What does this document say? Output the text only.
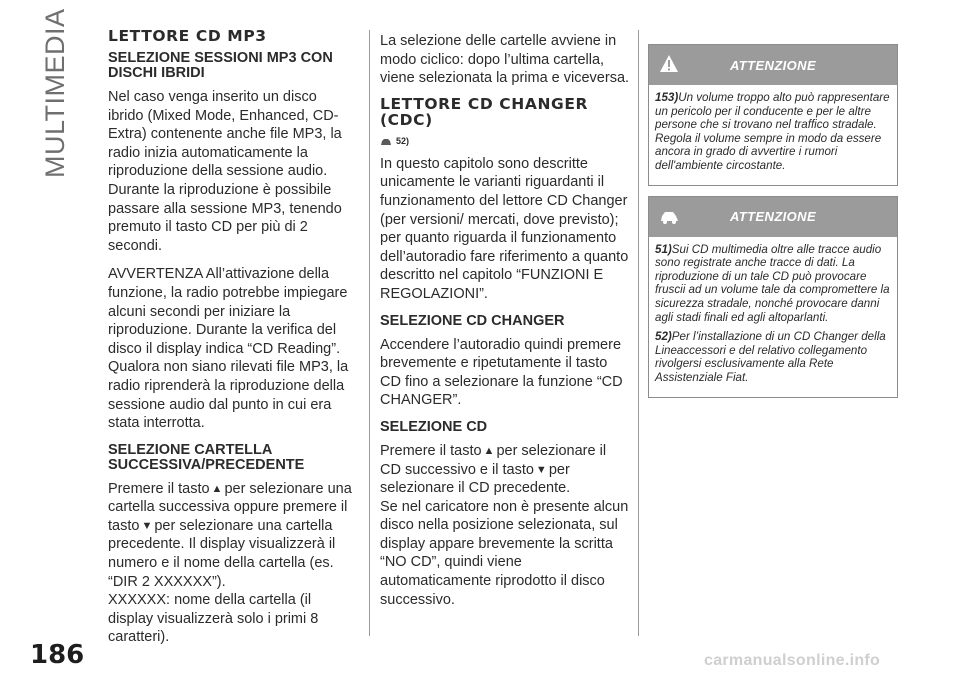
MULTIMEDIA LETTORE CD MP3
SELEZIONE SESSIONI MP3 CON DISCHI IBRIDI

Nel caso venga inserito un disco ibrido (Mixed Mode, Enhanced, CD-Extra) contenente anche file MP3, la radio inizia automaticamente la riproduzione della sessione audio. Durante la riproduzione è possibile passare alla sessione MP3, tenendo premuto il tasto CD per più di 2 secondi.

AVVERTENZA All’attivazione della funzione, la radio potrebbe impiegare alcuni secondi per iniziare la riproduzione. Durante la verifica del disco il display indica “CD Reading”. Qualora non siano rilevati file MP3, la radio riprenderà la riproduzione della sessione audio dal punto in cui era stata interrotta.

SELEZIONE CARTELLA SUCCESSIVA/PRECEDENTE

Premere il tasto ▲ per selezionare una cartella successiva oppure premere il tasto ▼ per selezionare una cartella precedente. Il display visualizzerà il numero e il nome della cartella (es. “DIR 2 XXXXXX”).

XXXXXX: nome della cartella (il display visualizzerà solo i primi 8 caratteri).

La selezione delle cartelle avviene in modo ciclico: dopo l’ultima cartella, viene selezionata la prima e viceversa.

LETTORE CD CHANGER (CDC)
52)

In questo capitolo sono descritte unicamente le varianti riguardanti il funzionamento del lettore CD Changer (per versioni/ mercati, dove previsto); per quanto riguarda il funzionamento dell’autoradio fare riferimento a quanto descritto nel capitolo “FUNZIONI E REGOLAZIONI”.

SELEZIONE CD CHANGER

Accendere l’autoradio quindi premere brevemente e ripetutamente il tasto CD fino a selezionare la funzione “CD CHANGER”.

SELEZIONE CD

Premere il tasto ▲ per selezionare il CD successivo e il tasto ▼ per selezionare il CD precedente.

Se nel caricatore non è presente alcun disco nella posizione selezionata, sul display appare brevemente la scritta “NO CD”, quindi viene automaticamente riprodotto il disco successivo.

ATTENZIONE

153)Un volume troppo alto può rappresentare un pericolo per il conducente e per le altre persone che si trovano nel traffico stradale. Regola il volume sempre in modo da essere ancora in grado di avvertire i rumori dell'ambiente circostante.

ATTENZIONE

51)Sui CD multimedia oltre alle tracce audio sono registrate anche tracce di dati. La riproduzione di un tale CD può provocare fruscii ad un volume tale da compromettere la sicurezza stradale, nonché provocare danni agli stadi finali ed agli altoparlanti.

52)Per l’installazione di un CD Changer della Lineaccessori e del relativo collegamento rivolgersi esclusivamente alla Rete Assistenziale Fiat.

186	carmanualsonline.info
